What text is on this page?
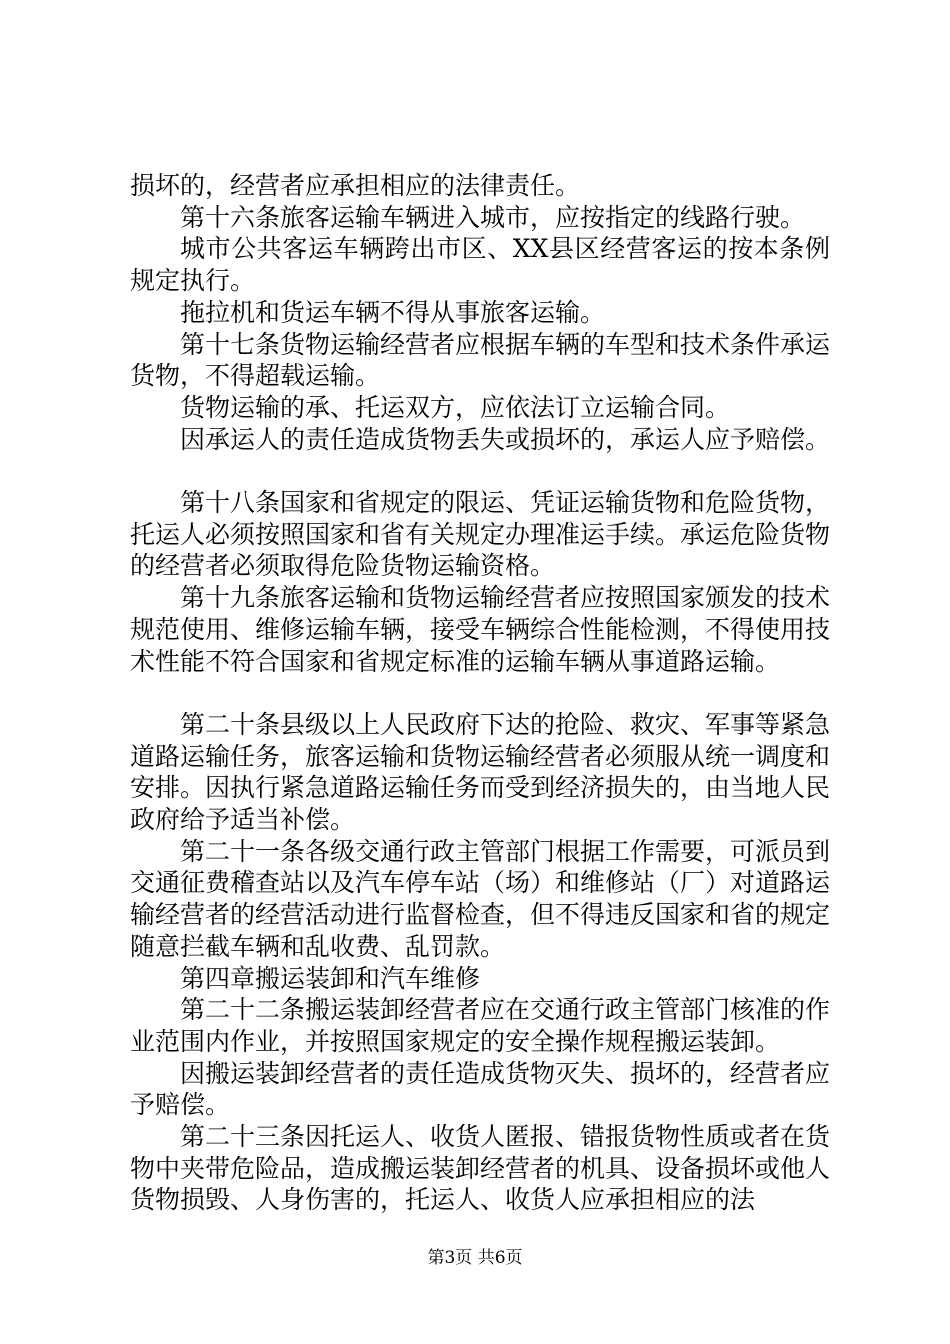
损坏的，经营者应承担相应的法律责任。

第十六条旅客运输车辆进入城市，应按指定的线路行驶。

城市公共客运车辆跨出市区、XX县区经营客运的按本条例规定执行。

拖拉机和货运车辆不得从事旅客运输。

第十七条货物运输经营者应根据车辆的车型和技术条件承运货物，不得超载运输。

货物运输的承、托运双方，应依法订立运输合同。

因承运人的责任造成货物丢失或损坏的，承运人应予赔偿。

第十八条国家和省规定的限运、凭证运输货物和危险货物，托运人必须按照国家和省有关规定办理准运手续。承运危险货物的经营者必须取得危险货物运输资格。

第十九条旅客运输和货物运输经营者应按照国家颁发的技术规范使用、维修运输车辆，接受车辆综合性能检测，不得使用技术性能不符合国家和省规定标准的运输车辆从事道路运输。

第二十条县级以上人民政府下达的抢险、救灾、军事等紧急道路运输任务，旅客运输和货物运输经营者必须服从统一调度和安排。因执行紧急道路运输任务而受到经济损失的，由当地人民政府给予适当补偿。

第二十一条各级交通行政主管部门根据工作需要，可派员到交通征费稽查站以及汽车停车站（场）和维修站（厂）对道路运输经营者的经营活动进行监督检查，但不得违反国家和省的规定随意拦截车辆和乱收费、乱罚款。

第四章搬运装卸和汽车维修

第二十二条搬运装卸经营者应在交通行政主管部门核准的作业范围内作业，并按照国家规定的安全操作规程搬运装卸。

因搬运装卸经营者的责任造成货物灭失、损坏的，经营者应予赔偿。

第二十三条因托运人、收货人匿报、错报货物性质或者在货物中夹带危险品，造成搬运装卸经营者的机具、设备损坏或他人货物损毁、人身伤害的，托运人、收货人应承担相应的法

第3页 共6页
